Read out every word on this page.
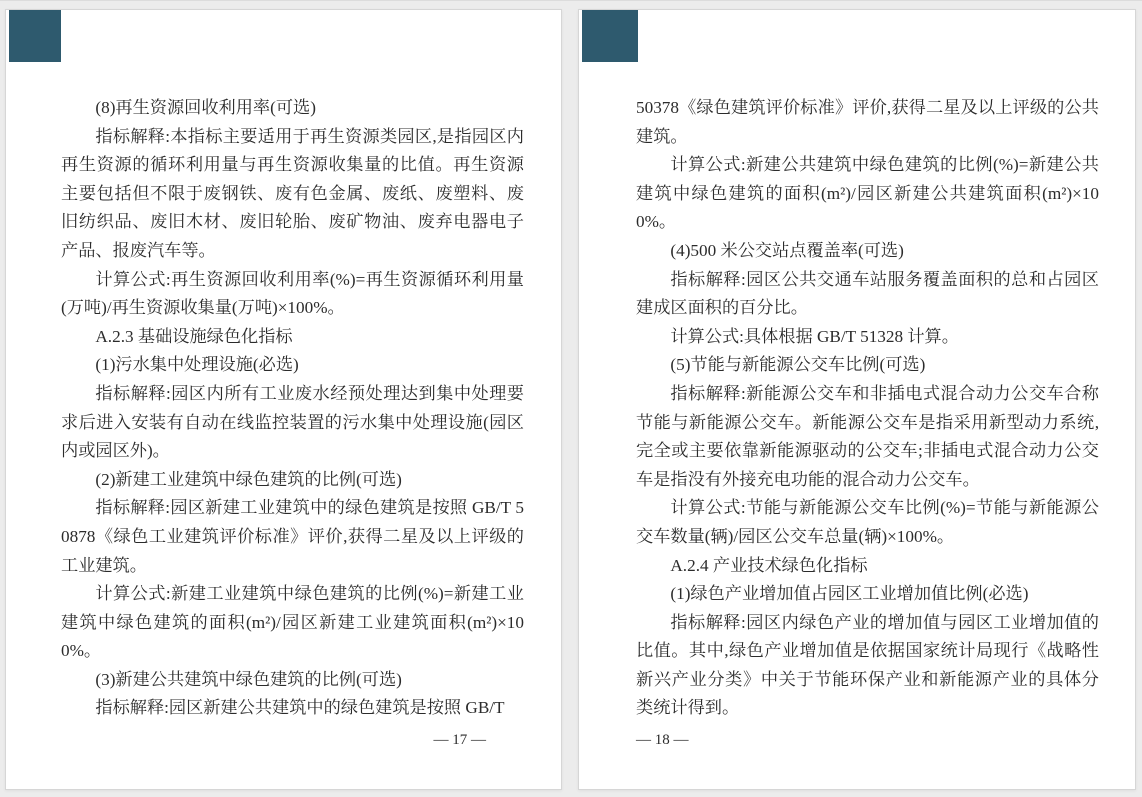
(8)再生资源回收利用率(可选)

指标解释:本指标主要适用于再生资源类园区,是指园区内再生资源的循环利用量与再生资源收集量的比值。再生资源主要包括但不限于废钢铁、废有色金属、废纸、废塑料、废旧纺织品、废旧木材、废旧轮胎、废矿物油、废弃电器电子产品、报废汽车等。

计算公式:再生资源回收利用率(%)=再生资源循环利用量(万吨)/再生资源收集量(万吨)×100%。

A.2.3 基础设施绿色化指标

(1)污水集中处理设施(必选)

指标解释:园区内所有工业废水经预处理达到集中处理要求后进入安装有自动在线监控装置的污水集中处理设施(园区内或园区外)。

(2)新建工业建筑中绿色建筑的比例(可选)

指标解释:园区新建工业建筑中的绿色建筑是按照 GB/T 50878《绿色工业建筑评价标准》评价,获得二星及以上评级的工业建筑。

计算公式:新建工业建筑中绿色建筑的比例(%)=新建工业建筑中绿色建筑的面积(m²)/园区新建工业建筑面积(m²)×100%。

(3)新建公共建筑中绿色建筑的比例(可选)

指标解释:园区新建公共建筑中的绿色建筑是按照 GB/T

— 17 —

50378《绿色建筑评价标准》评价,获得二星及以上评级的公共建筑。

计算公式:新建公共建筑中绿色建筑的比例(%)=新建公共建筑中绿色建筑的面积(m²)/园区新建公共建筑面积(m²)×100%。

(4)500 米公交站点覆盖率(可选)

指标解释:园区公共交通车站服务覆盖面积的总和占园区建成区面积的百分比。

计算公式:具体根据 GB/T 51328 计算。

(5)节能与新能源公交车比例(可选)

指标解释:新能源公交车和非插电式混合动力公交车合称节能与新能源公交车。新能源公交车是指采用新型动力系统,完全或主要依靠新能源驱动的公交车;非插电式混合动力公交车是指没有外接充电功能的混合动力公交车。

计算公式:节能与新能源公交车比例(%)=节能与新能源公交车数量(辆)/园区公交车总量(辆)×100%。

A.2.4 产业技术绿色化指标

(1)绿色产业增加值占园区工业增加值比例(必选)

指标解释:园区内绿色产业的增加值与园区工业增加值的比值。其中,绿色产业增加值是依据国家统计局现行《战略性新兴产业分类》中关于节能环保产业和新能源产业的具体分类统计得到。

— 18 —
